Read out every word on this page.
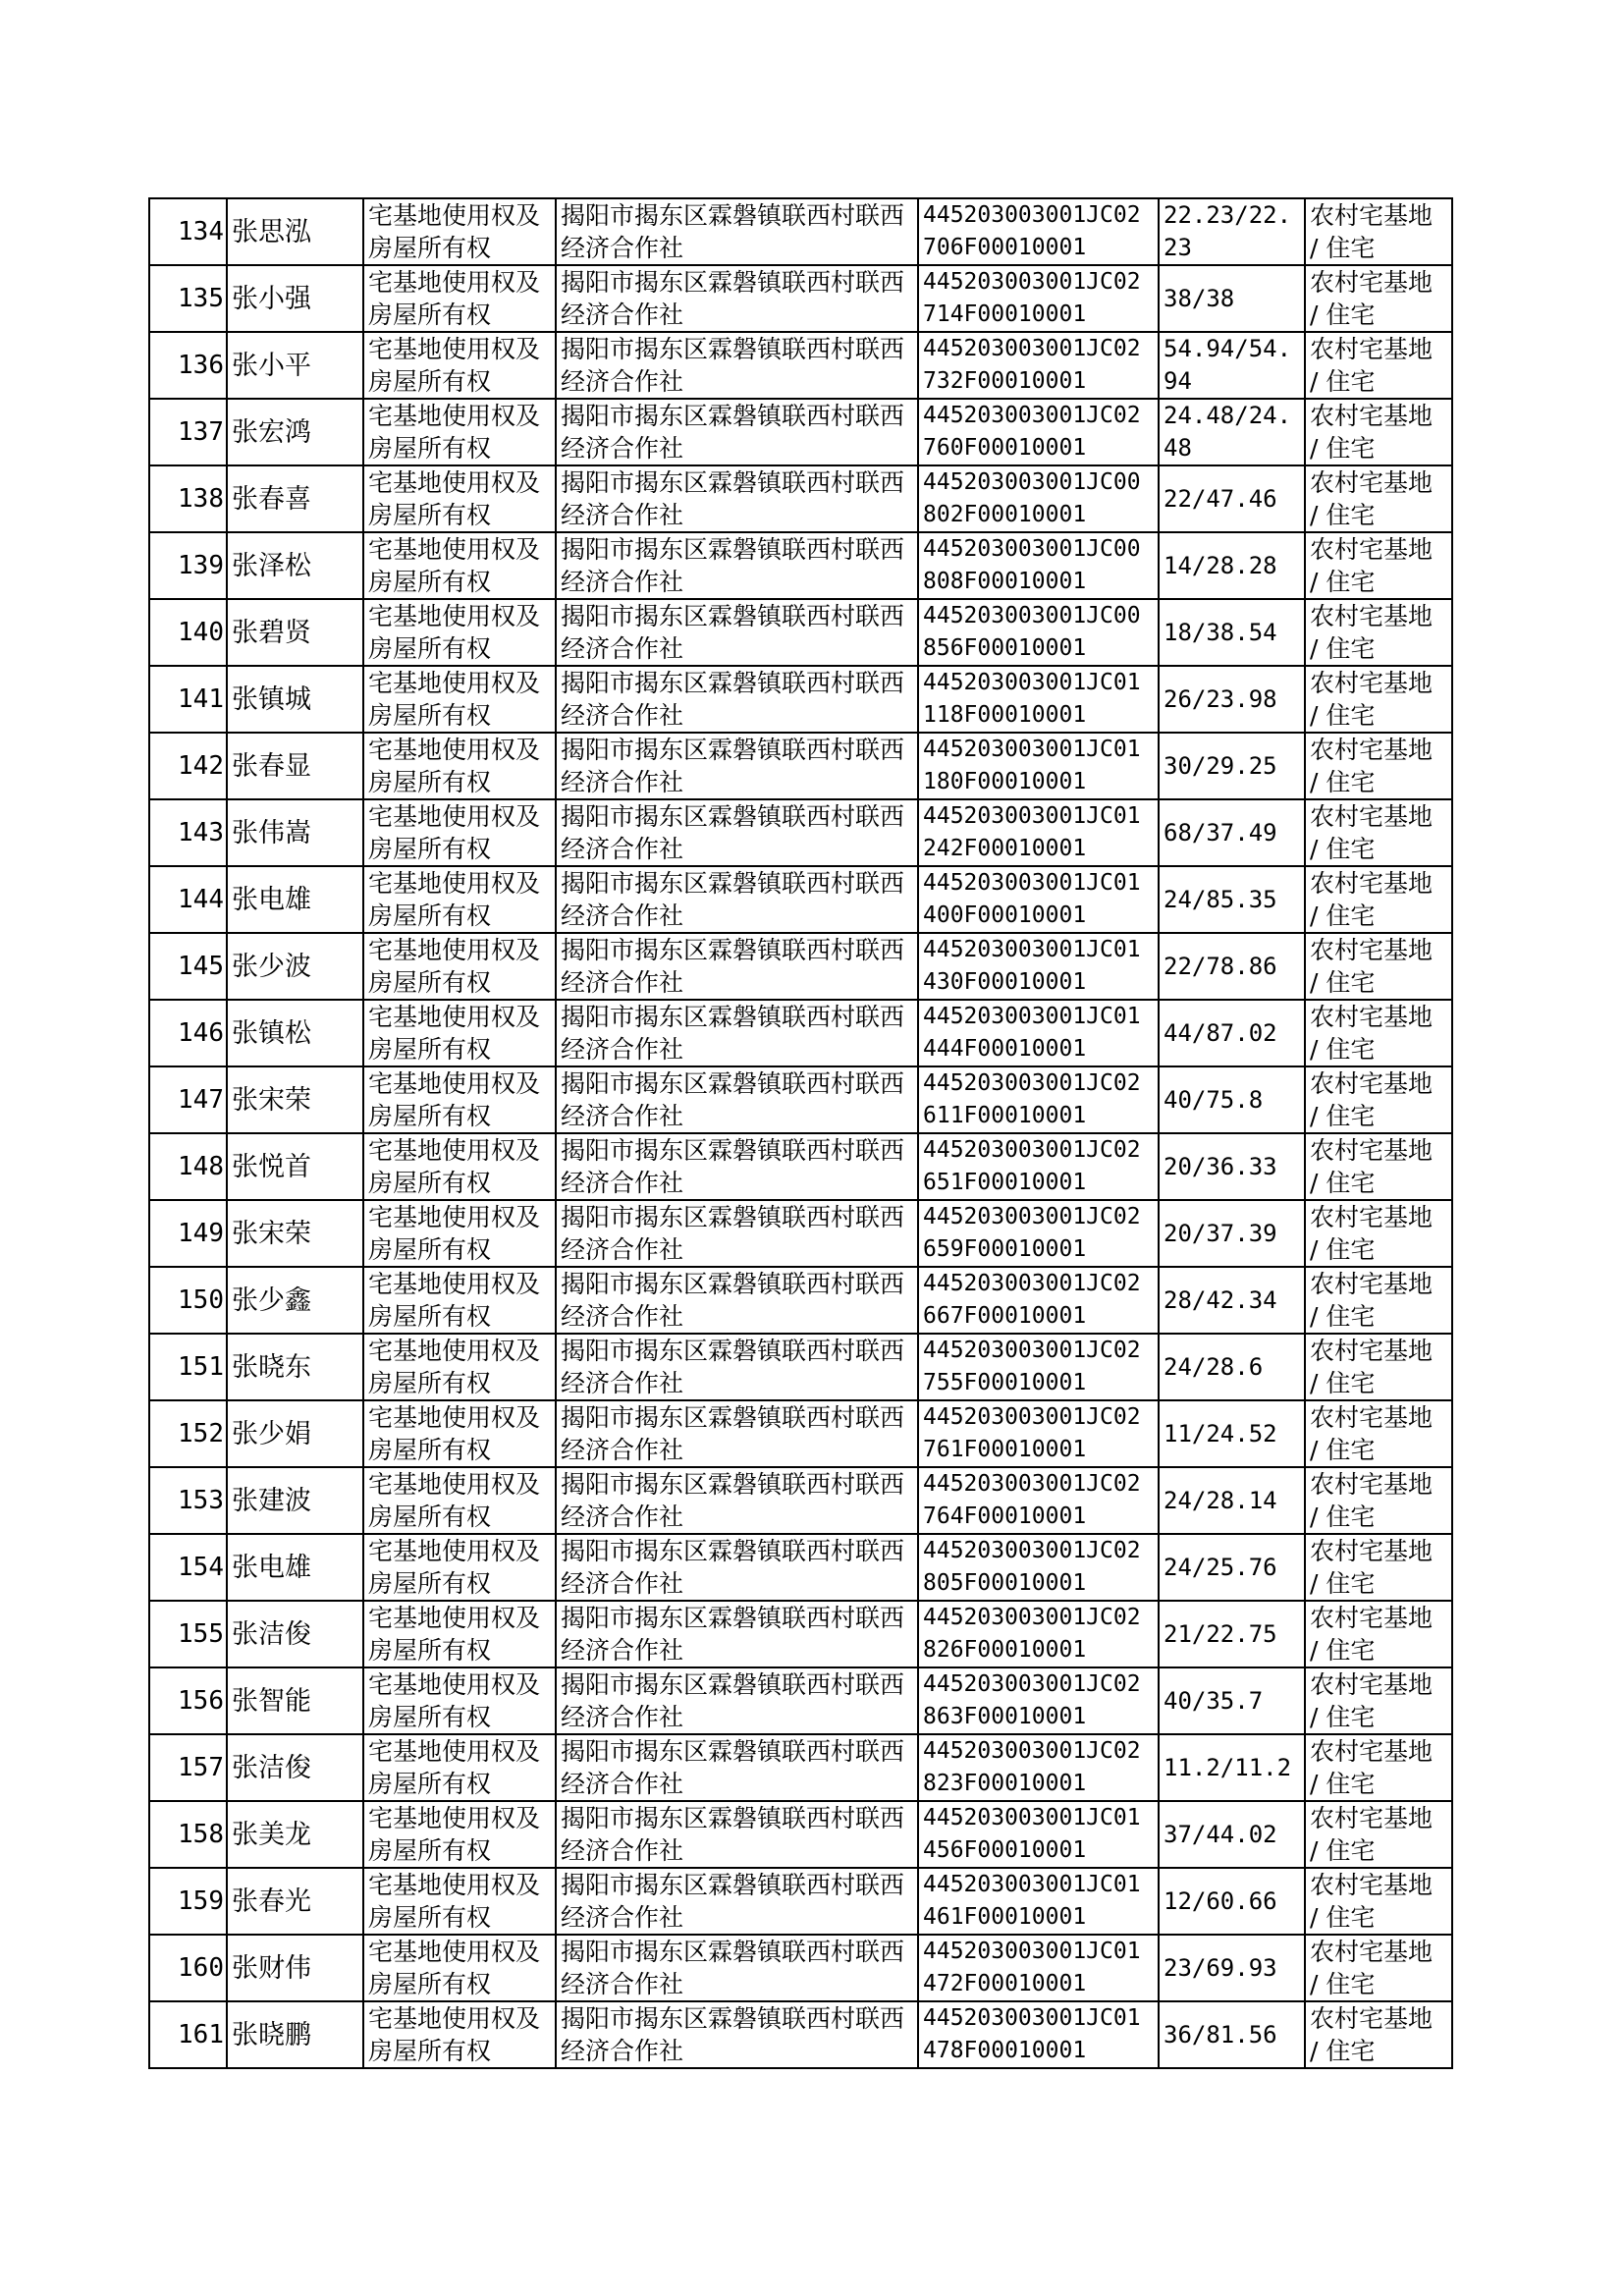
134	张思泓	宅基地使用权及房屋所有权	揭阳市揭东区霖磐镇联西村联西经济合作社	445203003001JC02706F00010001	22.23/22.23	农村宅基地 / 住宅
135	张小强	宅基地使用权及房屋所有权	揭阳市揭东区霖磐镇联西村联西经济合作社	445203003001JC02714F00010001	38/38	农村宅基地 / 住宅
136	张小平	宅基地使用权及房屋所有权	揭阳市揭东区霖磐镇联西村联西经济合作社	445203003001JC02732F00010001	54.94/54.94	农村宅基地 / 住宅
137	张宏鸿	宅基地使用权及房屋所有权	揭阳市揭东区霖磐镇联西村联西经济合作社	445203003001JC02760F00010001	24.48/24.48	农村宅基地 / 住宅
138	张春喜	宅基地使用权及房屋所有权	揭阳市揭东区霖磐镇联西村联西经济合作社	445203003001JC00802F00010001	22/47.46	农村宅基地 / 住宅
139	张泽松	宅基地使用权及房屋所有权	揭阳市揭东区霖磐镇联西村联西经济合作社	445203003001JC00808F00010001	14/28.28	农村宅基地 / 住宅
140	张碧贤	宅基地使用权及房屋所有权	揭阳市揭东区霖磐镇联西村联西经济合作社	445203003001JC00856F00010001	18/38.54	农村宅基地 / 住宅
141	张镇城	宅基地使用权及房屋所有权	揭阳市揭东区霖磐镇联西村联西经济合作社	445203003001JC01118F00010001	26/23.98	农村宅基地 / 住宅
142	张春显	宅基地使用权及房屋所有权	揭阳市揭东区霖磐镇联西村联西经济合作社	445203003001JC01180F00010001	30/29.25	农村宅基地 / 住宅
143	张伟嵩	宅基地使用权及房屋所有权	揭阳市揭东区霖磐镇联西村联西经济合作社	445203003001JC01242F00010001	68/37.49	农村宅基地 / 住宅
144	张电雄	宅基地使用权及房屋所有权	揭阳市揭东区霖磐镇联西村联西经济合作社	445203003001JC01400F00010001	24/85.35	农村宅基地 / 住宅
145	张少波	宅基地使用权及房屋所有权	揭阳市揭东区霖磐镇联西村联西经济合作社	445203003001JC01430F00010001	22/78.86	农村宅基地 / 住宅
146	张镇松	宅基地使用权及房屋所有权	揭阳市揭东区霖磐镇联西村联西经济合作社	445203003001JC01444F00010001	44/87.02	农村宅基地 / 住宅
147	张宋荣	宅基地使用权及房屋所有权	揭阳市揭东区霖磐镇联西村联西经济合作社	445203003001JC02611F00010001	40/75.8	农村宅基地 / 住宅
148	张悦首	宅基地使用权及房屋所有权	揭阳市揭东区霖磐镇联西村联西经济合作社	445203003001JC02651F00010001	20/36.33	农村宅基地 / 住宅
149	张宋荣	宅基地使用权及房屋所有权	揭阳市揭东区霖磐镇联西村联西经济合作社	445203003001JC02659F00010001	20/37.39	农村宅基地 / 住宅
150	张少鑫	宅基地使用权及房屋所有权	揭阳市揭东区霖磐镇联西村联西经济合作社	445203003001JC02667F00010001	28/42.34	农村宅基地 / 住宅
151	张晓东	宅基地使用权及房屋所有权	揭阳市揭东区霖磐镇联西村联西经济合作社	445203003001JC02755F00010001	24/28.6	农村宅基地 / 住宅
152	张少娟	宅基地使用权及房屋所有权	揭阳市揭东区霖磐镇联西村联西经济合作社	445203003001JC02761F00010001	11/24.52	农村宅基地 / 住宅
153	张建波	宅基地使用权及房屋所有权	揭阳市揭东区霖磐镇联西村联西经济合作社	445203003001JC02764F00010001	24/28.14	农村宅基地 / 住宅
154	张电雄	宅基地使用权及房屋所有权	揭阳市揭东区霖磐镇联西村联西经济合作社	445203003001JC02805F00010001	24/25.76	农村宅基地 / 住宅
155	张洁俊	宅基地使用权及房屋所有权	揭阳市揭东区霖磐镇联西村联西经济合作社	445203003001JC02826F00010001	21/22.75	农村宅基地 / 住宅
156	张智能	宅基地使用权及房屋所有权	揭阳市揭东区霖磐镇联西村联西经济合作社	445203003001JC02863F00010001	40/35.7	农村宅基地 / 住宅
157	张洁俊	宅基地使用权及房屋所有权	揭阳市揭东区霖磐镇联西村联西经济合作社	445203003001JC02823F00010001	11.2/11.2	农村宅基地 / 住宅
158	张美龙	宅基地使用权及房屋所有权	揭阳市揭东区霖磐镇联西村联西经济合作社	445203003001JC01456F00010001	37/44.02	农村宅基地 / 住宅
159	张春光	宅基地使用权及房屋所有权	揭阳市揭东区霖磐镇联西村联西经济合作社	445203003001JC01461F00010001	12/60.66	农村宅基地 / 住宅
160	张财伟	宅基地使用权及房屋所有权	揭阳市揭东区霖磐镇联西村联西经济合作社	445203003001JC01472F00010001	23/69.93	农村宅基地 / 住宅
161	张晓鹏	宅基地使用权及房屋所有权	揭阳市揭东区霖磐镇联西村联西经济合作社	445203003001JC01478F00010001	36/81.56	农村宅基地 / 住宅
